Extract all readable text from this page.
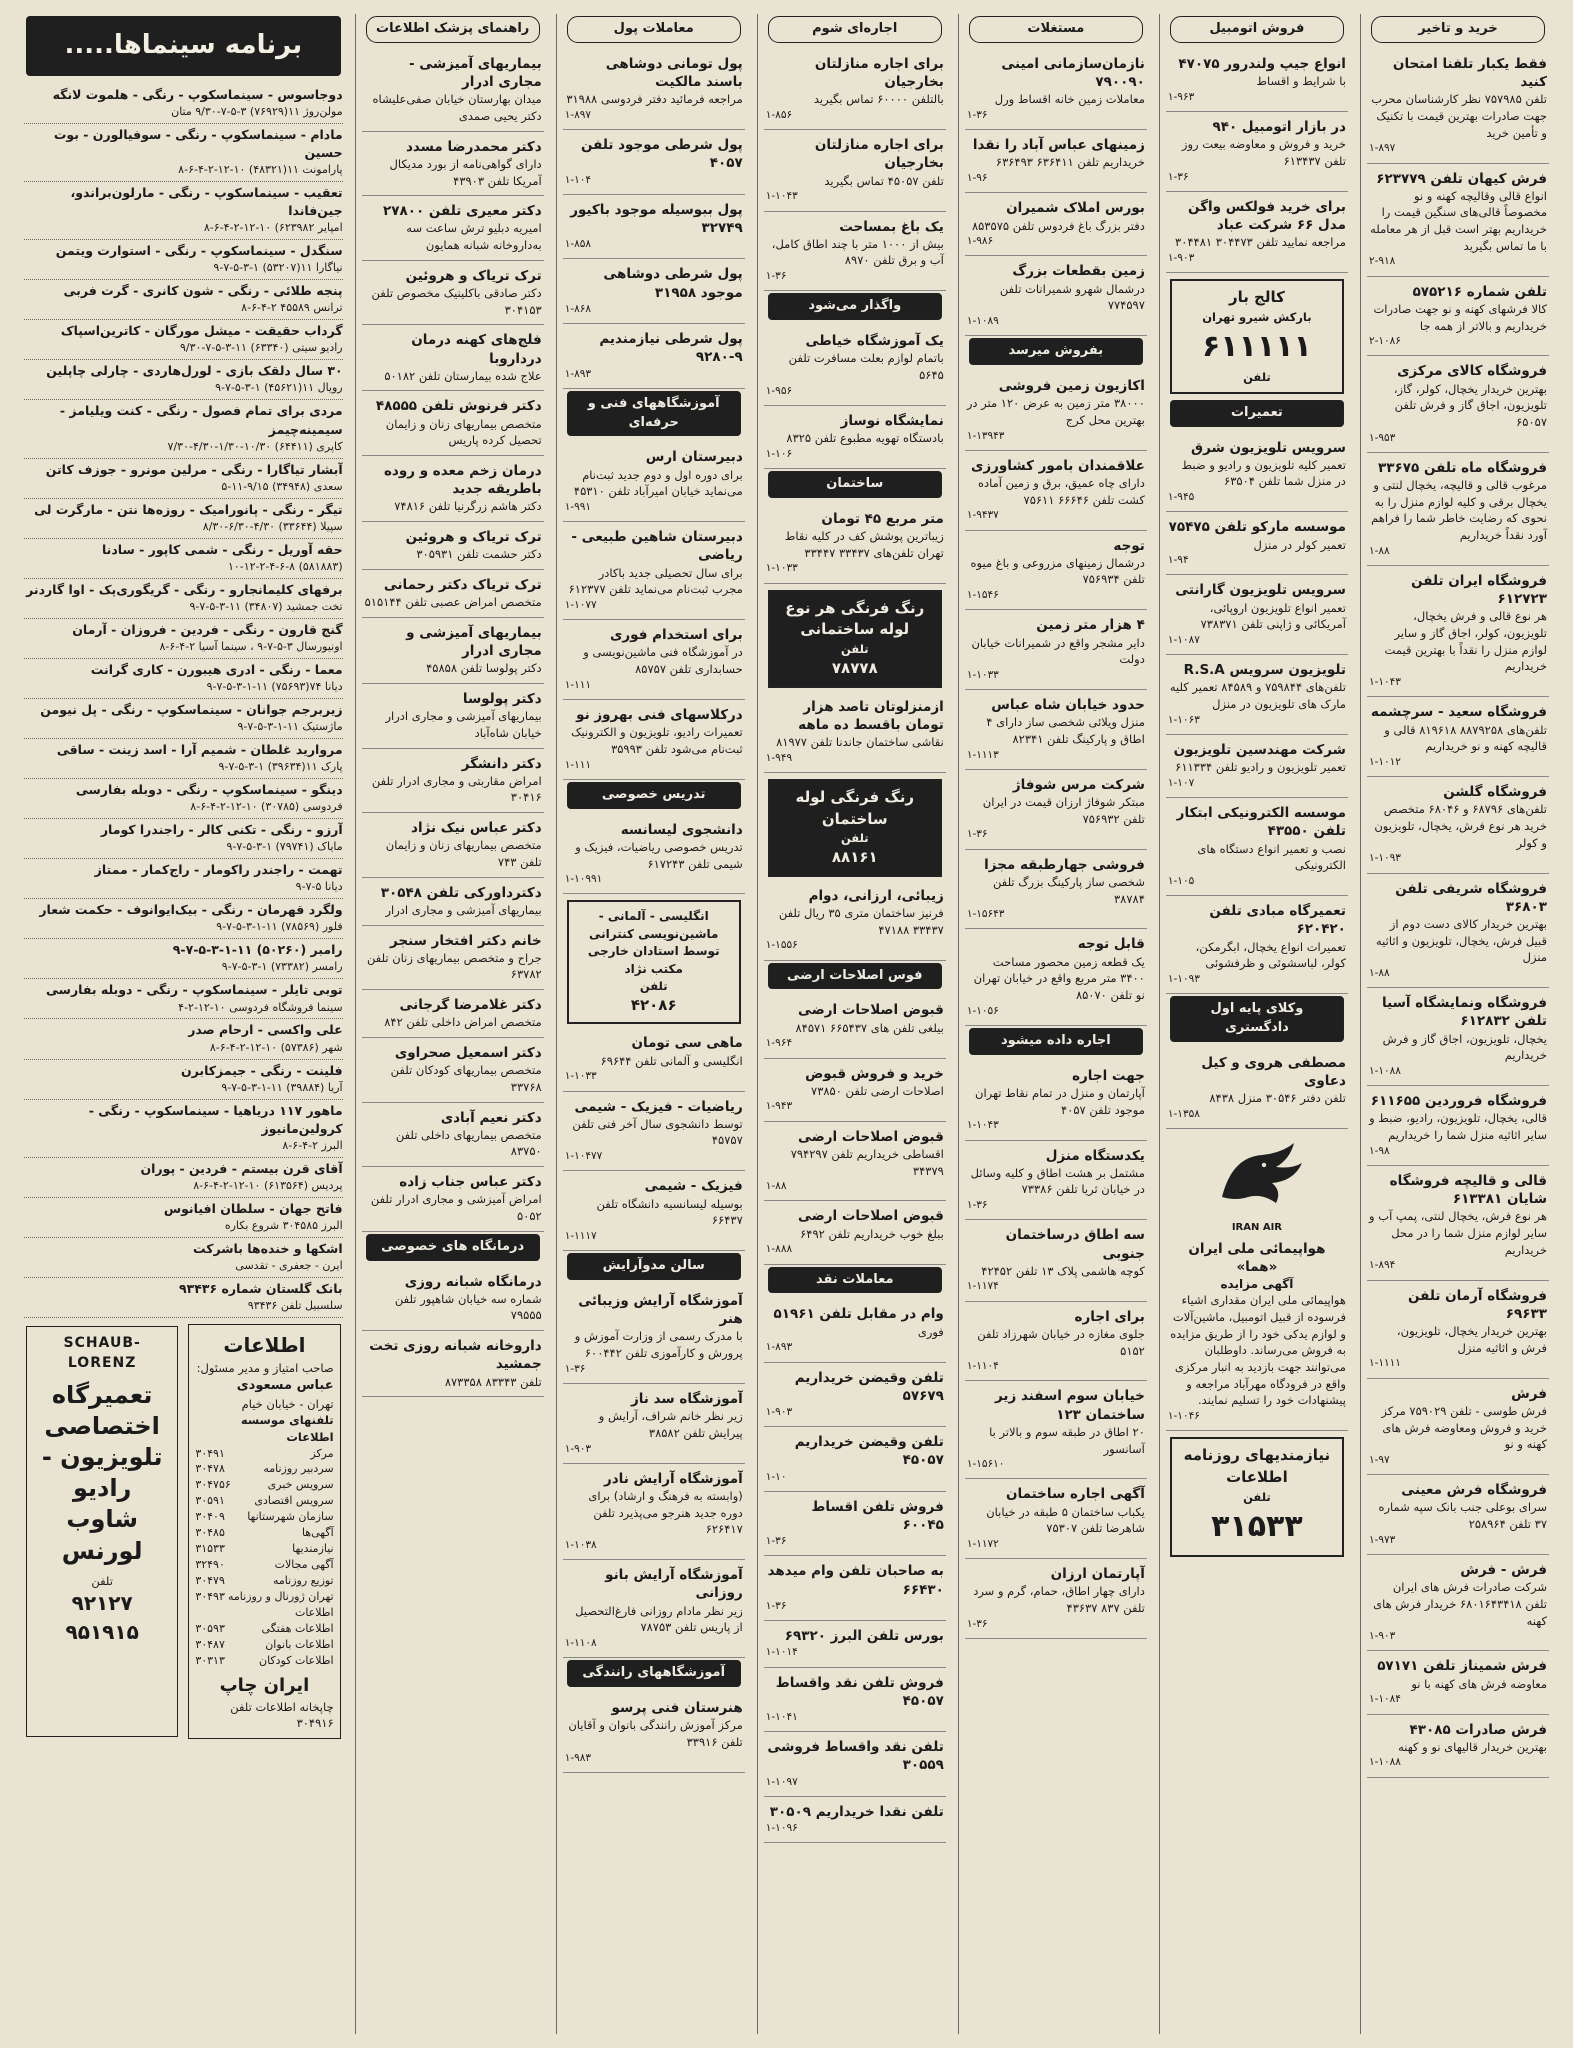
خرید و تاخیر
فقط یکبار تلفنا امتحان کنید
تلفن ۷۵۷۹۸۵ نظر کارشناسان محرب جهت صادرات بهترین قیمت با تکنیک و تأمین خرید
۱-۸۹۷
فرش کیهان تلفن ۶۲۳۷۷۹
انواع قالی وقالیچه کهنه و نو مخصوصاً قالی‌های سنگین قیمت را خریداریم بهتر است قبل از هر معامله با ما تماس بگیرید
۲-۹۱۸
تلفن شماره ۵۷۵۲۱۶
کالا فرشهای کهنه و نو جهت صادرات خریداریم و بالاتر از همه جا
۲-۱۰۸۶
فروشگاه کالای مرکزی
بهترین خریدار یخچال، کولر، گاز، تلویزیون، اجاق گاز و فرش تلفن ۶۵۰۵۷
۱-۹۵۳
فروشگاه ماه تلفن ۳۳۶۷۵
مرغوب قالی و قالیچه، یخچال لنتی و یخچال برقی و کلیه لوازم منزل را به نحوی که رضایت خاطر شما را فراهم آورد نقداً خریداریم
۱-۸۸
فروشگاه ایران تلفن ۶۱۲۷۲۳
هر نوع قالی و فرش یخچال، تلویزیون، کولر، اجاق گاز و سایر لوازم منزل را نقداً با بهترین قیمت خریداریم
۱-۱۰۴۳
فروشگاه سعید - سرچشمه
تلفن‌های ۸۸۷۹۲۵۸ ۸۱۹۶۱۸ قالی و قالیچه کهنه و نو خریداریم
۱-۱۰۱۲
فروشگاه گلشن
تلفن‌های ۶۸۷۹۶ و ۶۸۰۴۶ متخصص خرید هر نوع فرش، یخچال، تلویزیون و کولر
۱-۱۰۹۳
فروشگاه شریفی تلفن ۳۶۸۰۳
بهترین خریدار کالای دست دوم از قبیل فرش، یخچال، تلویزیون و اثاثیه منزل
۱-۸۸
فروشگاه ونمایشگاه آسیا تلفن ۶۱۲۸۳۲
یخچال، تلویزیون، اجاق گاز و فرش خریداریم
۱-۱۰۸۸
فروشگاه فروردین ۶۱۱۶۵۵
قالی، یخچال، تلویزیون، رادیو، ضبط و سایر اثاثیه منزل شما را خریداریم
۱-۹۸
قالی و قالیچه فروشگاه شایان ۶۱۳۳۸۱
هر نوع فرش، یخچال لنتی، پمپ آب و سایر لوازم منزل شما را در محل خریداریم
۱-۸۹۴
فروشگاه آرمان تلفن ۶۹۶۳۳
بهترین خریدار یخچال، تلویزیون، فرش و اثاثیه منزل
۱-۱۱۱۱
فرش
فرش طوسی - تلفن ۷۵۹۰۲۹ مرکز خرید و فروش ومعاوضه فرش های کهنه و نو
۱-۹۷
فروشگاه فرش معینی
سرای بوعلی جنب بانک سپه شماره ۳۷ تلفن ۲۵۸۹۶۴
۱-۹۷۳
فرش - فرش
شرکت صادرات فرش های ایران تلفن ۶۸۰۱۶۴۳۴۱۸ خریدار فرش های کهنه
۱-۹۰۳
فرش شمیناز تلفن ۵۷۱۷۱
معاوضه فرش های کهنه با نو
۱-۱۰۸۴
فرش صادرات ۴۳۰۸۵
بهترین خریدار قالیهای نو و کهنه
۱-۱۰۸۸
فروش اتومبیل
انواع جیپ ولندرور ۴۷۰۷۵
با شرایط و اقساط
۱-۹۶۳
در بازار اتومبیل ۹۴۰
خرید و فروش و معاوضه بیعت روز تلفن ۶۱۳۴۳۷
۱-۳۶
برای خرید فولکس واگن مدل ۶۶ شرکت عباد
مراجعه نمایید تلفن ۳۰۴۴۷۳ ۳۰۴۴۸۱
۱-۹۰۳
کالج بار
بارکش شیرو تهران
۶۱۱۱۱۱
تلفن
تعمیرات
سرویس تلویزیون شرق
تعمیر کلیه تلویزیون و رادیو و ضبط در منزل شما تلفن ۶۳۵۰۴
۱-۹۴۵
موسسه مارکو تلفن ۷۵۴۷۵
تعمیر کولر در منزل
۱-۹۴
سرویس تلویزیون گارانتی
تعمیر انواع تلویزیون اروپائی، آمریکائی و ژاپنی تلفن ۷۳۸۳۷۱
۱-۱۰۸۷
تلویزیون سرویس R.S.A
تلفن‌های ۷۵۹۸۴۴ و ۸۴۵۸۹ تعمیر کلیه مارک های تلویزیون در منزل
۱-۱۰۶۳
شرکت مهندسین تلویزیون
تعمیر تلویزیون و رادیو تلفن ۶۱۱۳۳۴
۱-۱۰۷
موسسه الکترونیکی ابتکار تلفن ۴۳۵۵۰
نصب و تعمیر انواع دستگاه های الکترونیکی
۱-۱۰۵
تعمیرگاه مبادی تلفن ۶۲۰۴۲۰
تعمیرات انواع یخچال، ابگرمکن، کولر، لباسشوئی و ظرفشوئی
۱-۱۰۹۳
وکلای پایه اول دادگستری
مصطفی هروی و کیل دعاوی
تلفن دفتر ۳۰۵۴۶ منزل ۸۴۳۸
۱-۱۳۵۸
IRAN AIR
هواپیمائی ملی ایران «هما»
آگهی مزایده
هواپیمائی ملی ایران مقداری اشیاء فرسوده از قبیل اتومبیل، ماشین‌آلات و لوازم یدکی خود را از طریق مزایده به فروش می‌رساند. داوطلبان می‌توانند جهت بازدید به انبار مرکزی واقع در فرودگاه مهرآباد مراجعه و پیشنهادات خود را تسلیم نمایند.
۱-۱۰۴۶
نیازمندیهای روزنامه اطلاعات
تلفن
۳۱۵۳۳
مستغلات
نازمان‌سازمانی امینی ۷۹۰۰۹۰
معاملات زمین خانه اقساط ورل
۱-۳۶
زمینهای عباس آباد را نقدا
خریداریم تلفن ۶۳۶۴۱۱ ۶۳۶۴۹۳
۱-۹۶
بورس املاک شمیران
دفتر بزرگ باغ فردوس تلفن ۸۵۳۵۷۵
۱-۹۸۶
زمین بقطعات بزرگ
درشمال شهرو شمیرانات تلفن ۷۷۴۵۹۷
۱-۱۰۸۹
بفروش میرسد
اکازیون زمین فروشی
۳۸۰۰۰ متر زمین به عرض ۱۲۰ متر در بهترین محل کرج
۱-۱۳۹۴۳
علاقمندان بامور کشاورزی
دارای چاه عمیق، برق و زمین آماده کشت تلفن ۶۶۶۴۶ ۷۵۶۱۱
۱-۹۴۳۷
توجه
درشمال زمینهای مزروعی و باغ میوه تلفن ۷۵۶۹۳۴
۱-۱۵۴۶
۴ هزار متر زمین
دایر مشجر واقع در شمیرانات خیابان دولت
۱-۱۰۳۳
حدود خیابان شاه عباس
منزل ویلائی شخصی ساز دارای ۴ اطاق و پارکینگ تلفن ۸۲۳۴۱
۱-۱۱۱۳
شرکت مرس شوفاژ
مبتکر شوفاژ ارزان قیمت در ایران تلفن ۷۵۶۹۳۲
۱-۳۶
فروشی جهارطبقه مجزا
شخصی ساز پارکینگ بزرگ تلفن ۳۸۷۸۴
۱-۱۵۶۴۳
قابل توجه
یک قطعه زمین محصور مساحت ۳۴۰۰ متر مربع واقع در خیابان تهران نو تلفن ۸۵۰۷۰
۱-۱۰۵۶
اجاره داده میشود
جهت اجاره
آپارتمان و منزل در تمام نقاط تهران موجود تلفن ۴۰۵۷
۱-۱۰۴۳
یکدستگاه منزل
مشتمل بر هشت اطاق و کلیه وسائل در خیابان ثریا تلفن ۷۳۳۸۶
۱-۳۶
سه اطاق درساختمان جنوبی
کوچه هاشمی پلاک ۱۳ تلفن ۴۲۴۵۲
۱-۱۱۷۴
برای اجاره
جلوی مغازه در خیابان شهرزاد تلفن ۵۱۵۲
۱-۱۱۰۴
خیابان سوم اسفند زیر ساختمان ۱۲۳
۲۰ اطاق در طبقه سوم و بالاتر با آسانسور
۱-۱۵۶۱۰
آگهی اجاره ساختمان
یکباب ساختمان ۵ طبقه در خیابان شاهرضا تلفن ۷۵۳۰۷
۱-۱۱۷۲
آپارتمان ارزان
دارای چهار اطاق، حمام، گرم و سرد تلفن ۸۳۷ ۴۳۶۳۷
۱-۳۶
اجاره‌ای شوم
برای اجاره منازلتان بخارجیان
بالتلفن ۶۰۰۰۰ تماس بگیرید
۱-۸۵۶
برای اجاره منازلتان بخارجیان
تلفن ۴۵۰۵۷ تماس بگیرید
۱-۱۰۴۳
یک باغ بمساحت
بیش از ۱۰۰۰ متر با چند اطاق کامل، آب و برق تلفن ۸۹۷۰
۱-۳۶
واگذار می‌شود
یک آموزشگاه خیاطی
باتمام لوازم بعلت مسافرت تلفن ۵۶۴۵
۱-۹۵۶
نمایشگاه نوساز
بادستگاه تهویه مطبوع تلفن ۸۳۲۵
۱-۱۰۶
ساختمان
متر مربع ۴۵ تومان
زیباترین پوشش کف در کلیه نقاط تهران تلفن‌های ۳۳۴۳۷ ۳۳۴۴۷
۱-۱۰۳۳
رنگ فرنگی هر نوع لوله ساختمانی
تلفن
۷۸۷۷۸
ازمنزلوتان تاصد هزار تومان باقسط ده ماهه
نقاشی ساختمان جاندنا تلفن ۸۱۹۷۷
۱-۹۴۹
رنگ فرنگی لوله ساختمان
تلفن
۸۸۱۶۱
زیبائی، ارزانی، دوام
فرنیز ساختمان متری ۳۵ ریال تلفن ۳۳۴۳۷ ۴۷۱۸۸
۱-۱۵۵۶
فوس اصلاحات ارضی
قبوض اصلاحات ارضی
بیلغی تلفن های ۶۶۵۴۳۷ ۸۴۵۷۱
۱-۹۶۴
خرید و فروش قبوض
اصلاحات ارضی تلفن ۷۳۸۵۰
۱-۹۴۳
قبوض اصلاحات ارضی
اقساطی خریداریم تلفن ۷۹۴۲۹۷ ۳۴۳۷۹
۱-۸۸
قبوض اصلاحات ارضی
ببلغ خوب خریداریم تلفن ۶۴۹۲
۱-۸۸۸
معاملات نقد
وام در مقابل تلفن ۵۱۹۶۱
فوری
۱-۸۹۳
تلفن وقیضن خریداریم ۵۷۶۷۹
۱-۹۰۳
تلفن وقیضن خریداریم ۴۵۰۵۷
۱-۱۰
فروش تلفن اقساط ۶۰۰۴۵
۱-۳۶
به صاحبان تلفن وام میدهد ۶۶۴۳۰
۱-۳۶
بورس تلفن البرز ۶۹۳۲۰
۱-۱۰۱۴
فروش تلفن نقد واقساط ۴۵۰۵۷
۱-۱۰۴۱
تلفن نقد واقساط فروشی ۳۰۵۵۹
۱-۱۰۹۷
تلفن نقدا خریداریم ۳۰۵۰۹
۱-۱۰۹۶
معاملات پول
پول تومانی دوشاهی باسند مالکیت
مراجعه فرمائید دفتر فردوسی ۳۱۹۸۸
۱-۸۹۷
پول شرطی موجود تلفن ۴۰۵۷
۱-۱۰۴
پول ببوسیله موجود باکیور ۳۲۷۴۹
۱-۸۵۸
پول شرطی دوشاهی موجود ۳۱۹۵۸
۱-۸۶۸
پول شرطی نیازمندیم ۹-۹۲۸۰
۱-۸۹۳
آموزشگاههای فنی و حرفه‌ای
دبیرستان ارس
برای دوره اول و دوم جدید ثبت‌نام می‌نماید خیابان امیرآباد تلفن ۴۵۳۱۰
۱-۹۹۱
دبیرستان شاهین طبیعی - ریاضی
برای سال تحصیلی جدید باکادر مجرب ثبت‌نام می‌نماید تلفن ۶۱۲۳۷۷
۱-۱۰۷۷
برای استخدام فوری
در آموزشگاه فنی ماشین‌نویسی و حسابداری تلفن ۸۵۷۵۷
۱-۱۱۱
درکلاسهای فنی بهروز نو
تعمیرات رادیو، تلویزیون و الکترونیک ثبت‌نام می‌شود تلفن ۳۵۹۹۳
۱-۱۱۱
تدریس خصوصی
دانشجوی لیسانسه
تدریس خصوصی ریاضیات، فیزیک و شیمی تلفن ۶۱۷۲۴۳
۱-۱۰۹۹۱
انگلیسی - آلمانی - ماشین‌نویسی کنترانی توسط استادان خارجی مکتب نژاد
تلفن
۴۲۰۸۶
ماهی سی تومان
انگلیسی و آلمانی تلفن ۶۹۶۴۴
۱-۱۰۳۳
ریاضیات - فیزیک - شیمی
توسط دانشجوی سال آخر فنی تلفن ۴۵۷۵۷
۱-۱۰۴۷۷
فیزیک - شیمی
بوسیله لیسانسیه دانشگاه تلفن ۶۶۴۳۷
۱-۱۱۱۷
سالن مدوآرایش
آموزشگاه آرایش وزیبائی هنر
با مدرک رسمی از وزارت آموزش و پرورش و کارآموزی تلفن ۶۰۰۴۴۲
۱-۳۶
آموزشگاه سد ناز
زیر نظر خانم شراف، آرایش و پیرایش تلفن ۳۸۵۸۲
۱-۹۰۳
آموزشگاه آرایش نادر
(وابسته به فرهنگ و ارشاد) برای دوره جدید هنرجو می‌پذیرد تلفن ۶۲۶۴۱۷
۱-۱۰۳۸
آموزشگاه آرایش بانو روزانی
زیر نظر مادام روزانی فارغ‌التحصیل از پاریس تلفن ۷۸۷۵۳
۱-۱۱۰۸
آموزشگاههای رانندگی
هنرستان فنی پرسو
مرکز آموزش رانندگی بانوان و آقایان تلفن ۳۳۹۱۶
۱-۹۸۳
راهنمای پزشک اطلاعات
بیماریهای آمیزشی - مجاری ادرار
میدان بهارستان خیابان صفی‌علیشاه دکتر یحیی صمدی
دکتر محمدرضا مسدد
دارای گواهی‌نامه از بورد مدیکال آمریکا تلفن ۴۳۹۰۳
دکتر معیری تلفن ۲۷۸۰۰
امیریه دبلیو ترش ساعت سه به‌داروخانه شبانه همایون
ترک تریاک و هروئین
دکتر صادقی باکلینیک مخصوص تلفن ۳۰۴۱۵۳
فلج‌های کهنه درمان درداروبا
علاج شده بیمارستان تلفن ۵۰۱۸۲
دکتر فرنوش تلفن ۴۸۵۵۵
متخصص بیماریهای زنان و زایمان تحصیل کرده پاریس
درمان زخم معده و روده باطریقه جدید
دکتر هاشم زرگرنیا تلفن ۷۴۸۱۶
ترک تریاک و هروئین
دکتر حشمت تلفن ۳۰۵۹۳۱
ترک تریاک دکتر رحمانی
متخصص امراض عصبی تلفن ۵۱۵۱۴۴
بیماریهای آمیزشی و مجاری ادرار
دکتر پولوسا تلفن ۴۵۸۵۸
دکتر پولوسا
بیماریهای آمیزشی و مجاری ادرار خیابان شاه‌آباد
دکتر دانشگر
امراض مقاربتی و مجاری ادرار تلفن ۳۰۴۱۶
دکتر عباس نیک نژاد
متخصص بیماریهای زنان و زایمان تلفن ۷۴۳
دکترداورکی تلفن ۳۰۵۴۸
بیماریهای آمیزشی و مجاری ادرار
خانم دکتر افتخار سنجر
جراح و متخصص بیماریهای زنان تلفن ۶۳۷۸۲
دکتر غلامرضا گرجانی
متخصص امراض داخلی تلفن ۸۴۲
دکتر اسمعیل صحراوی
متخصص بیماریهای کودکان تلفن ۳۳۷۶۸
دکتر نعیم آبادی
متخصص بیماریهای داخلی تلفن ۸۳۷۵۰
دکتر عباس جناب زاده
امراض آمیزشی و مجاری ادرار تلفن ۵۰۵۲
درمانگاه های خصوصی
درمانگاه شبانه روزی
شماره سه خیابان شاهپور تلفن ۷۹۵۵۵
داروخانه شبانه روزی تخت جمشید
تلفن ۸۳۳۴۳ ۸۷۳۳۵۸
برنامه سینماها.....
دوجاسوس - سینماسکوپ - رنگی - هلموت لانگه
مولن‌روژ ۱۱(۷۶۹۲۹) ۳-۵-۷-۹/۳۰ متان
مادام - سینماسکوپ - رنگی - سوفیالورن - بوت حسین
پارامونت ۱۱(۴۸۳۲۱) ۱۰-۱۲-۲-۴-۶-۸
تعقیب - سینماسکوپ - رنگی - مارلون‌براندو، جین‌فاندا
امپایر ۶۲۳۹۸۲) ۱۰-۱۲-۲-۴-۶-۸
سنگدل - سینماسکوپ - رنگی - استوارت ویتمن
نیاگارا ۱۱(۵۳۲۰۷) ۱-۳-۵-۷-۹
پنجه طلائی - رنگی - شون کانری - گرت فربی
ترانس ۴۵۵۸۹ ۲-۴-۶-۸
گرداب حقیقت - میشل مورگان - کاترین‌اسپاک
رادیو سیتی (۶۳۳۴۰) ۱۱-۳-۵-۷-۹/۳۰
۳۰ سال دلقک بازی - لورل‌هاردی - چارلی چاپلین
رویال ۱۱(۴۵۶۲۱) ۱-۳-۵-۷-۹
مردی برای تمام فصول - رنگی - کنت ویلیامز - سیمینه‌چیمز
کاپری (۶۴۴۱۱) ۱۰/۳۰-۱/۳۰-۴/۳۰-۷/۳۰
آبشار تیاگارا - رنگی - مرلین مونرو - جوزف کاتن
سعدی (۳۴۹۴۸) ۹/۱۵-۱۱-۵
تیگر - رنگی - پانورامیک - روزه‌ها نتن - مارگرت لی
سپیلا (۳۳۶۴۴) ۴/۳۰-۶/۳۰-۸/۳۰
حقه آوریل - رنگی - شمی کاپور - سادنا
(۵۸۱۸۸۳) ۱۰-۱۲-۲-۴-۶-۸
برفهای کلیمانجارو - رنگی - گریگوری‌پک - اوا گاردنر
تخت جمشید (۳۴۸۰۷) ۱۱-۳-۵-۷-۹
گنج قارون - رنگی - فردین - فروزان - آرمان
اونیورسال ۳-۵-۷-۹ ، سینما آسیا ۲-۴-۶-۸
معما - رنگی - ادری هیبورن - کاری گرانت
دیانا ۷۴(۷۵۶۹۳) ۱۱-۱-۳-۵-۷-۹
زیربرجم جوانان - سینماسکوپ - رنگی - پل نیومن
ماژستیک ۱۱-۱-۳-۵-۷-۹
مروارید غلطان - شمیم آرا - اسد زینت - ساقی
پارک ۱۱(۳۹۶۳۴) ۱-۳-۵-۷-۹
دینگو - سینماسکوپ - رنگی - دوبله بفارسی
فردوسی (۳۰۷۸۵) ۱۰-۱۲-۲-۴-۶-۸
آرزو - رنگی - تکنی کالر - راجندرا کومار
مایاک (۷۹۷۴۱) ۱-۳-۵-۷-۹
تهمت - راجندر راکومار - راج‌کمار - ممتاز
دیانا ۵-۷-۹
ولگرد قهرمان - رنگی - بیک‌ایوانوف - حکمت شعار
فلور (۷۸۵۶۹) ۱۱-۱-۳-۵-۷-۹
رامبر (۵۰۲۶۰) ۱۱-۱-۳-۵-۷-۹
رامسر (۷۳۳۸۲) ۱-۳-۵-۷-۹
توبی تایلر - سینماسکوپ - رنگی - دوبله بفارسی
سینما فروشگاه فردوسی ۱۰-۱۲-۲-۴
علی واکسی - ارحام صدر
شهر (۵۷۳۸۶) ۱۰-۱۲-۲-۴-۶-۸
فلینت - رنگی - جیمزکابرن
آریا (۳۹۸۸۴) ۱۱-۱-۳-۵-۷-۹
ماهور ۱۱۷ دریاهیا - سینماسکوپ - رنگی - کرولین‌مانیوز
البرز ۲-۴-۶-۸
آقای قرن بیستم - فردین - پوران
پردیس (۶۱۳۵۶۴) ۱۰-۱۲-۲-۴-۶-۸
فاتح جهان - سلطان افیانوس
البرز ۳۰۴۵۸۵ شروع بکاره
اشکها و خنده‌ها باشرکت
ایرن - جعفری - تقدسی
بانک گلستان شماره ۹۳۴۳۶
سلسبیل تلفن ۹۳۴۳۶
اطلاعات
صاحب امتیاز و مدیر مسئول:
عباس مسعودی
تهران - خیابان خیام تلفنهای موسسه اطلاعات
مرکز
۳۰۴۹۱
سردبیر روزنامه
۳۰۴۷۸
سرویس خبری
۳۰۴۷۵۶
سرویس اقتصادی
۳۰۵۹۱
سازمان شهرستانها
۳۰۴۰۹
آگهی‌ها
۳۰۴۸۵
نیازمندیها
۳۱۵۳۳
آگهی مجالات
۳۲۴۹۰
توزیع روزنامه
۳۰۴۷۹
تهران ژورنال و روزنامه اطلاعات
۳۰۴۹۳
اطلاعات هفتگی
۳۰۵۹۳
اطلاعات بانوان
۳۰۴۸۷
اطلاعات کودکان
۳۰۳۱۳
ایران چاپ
چاپخانه اطلاعات تلفن ۳۰۴۹۱۶
SCHAUB-LORENZ
تعمیرگاه اختصاصی تلویزیون - رادیو شاوب لورنس
تلفن
۹۲۱۲۷
۹۵۱۹۱۵
